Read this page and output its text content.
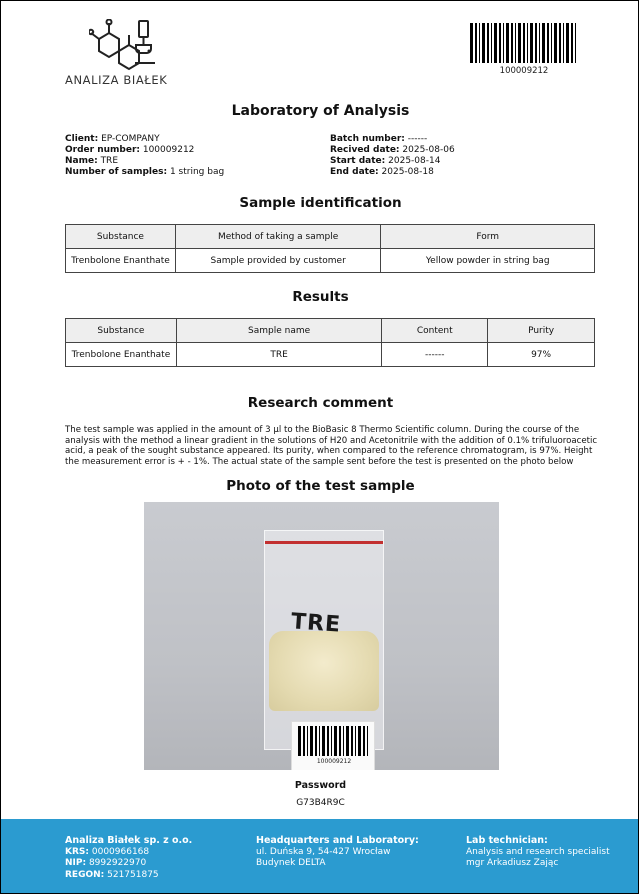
ANALIZA BIAŁEK
100009212
Laboratory of Analysis
Client: EP-COMPANY
Order number: 100009212
Name: TRE
Number of samples: 1 string bag
Batch number: ------
Recived date: 2025-08-06
Start date: 2025-08-14
End date: 2025-08-18
Sample identification
Substance	Method of taking a sample	Form
Trenbolone Enanthate	Sample provided by customer	Yellow powder in string bag
Results
Substance	Sample name	Content	Purity
Trenbolone Enanthate	TRE	------	97%
Research comment

The test sample was applied in the amount of 3 µl to the BioBasic 8 Thermo Scientific column. During the course of the analysis with the method a linear gradient in the solutions of H20 and Acetonitrile with the addition of 0.1% trifuluoroacetic acid, a peak of the sought substance appeared. Its purity, when compared to the reference chromatogram, is 97%. Height the measurement error is + - 1%. The actual state of the sample sent before the test is presented on the photo below

Photo of the test sample
TRE
100009212
Password
G73B4R9C
Analiza Białek sp. z o.o.
KRS: 0000966168
NIP: 8992922970
REGON: 521751875
Headquarters and Laboratory:
ul. Duńska 9, 54-427 Wrocław
Budynek DELTA
Lab technician:
Analysis and research specialist
mgr Arkadiusz Zając
